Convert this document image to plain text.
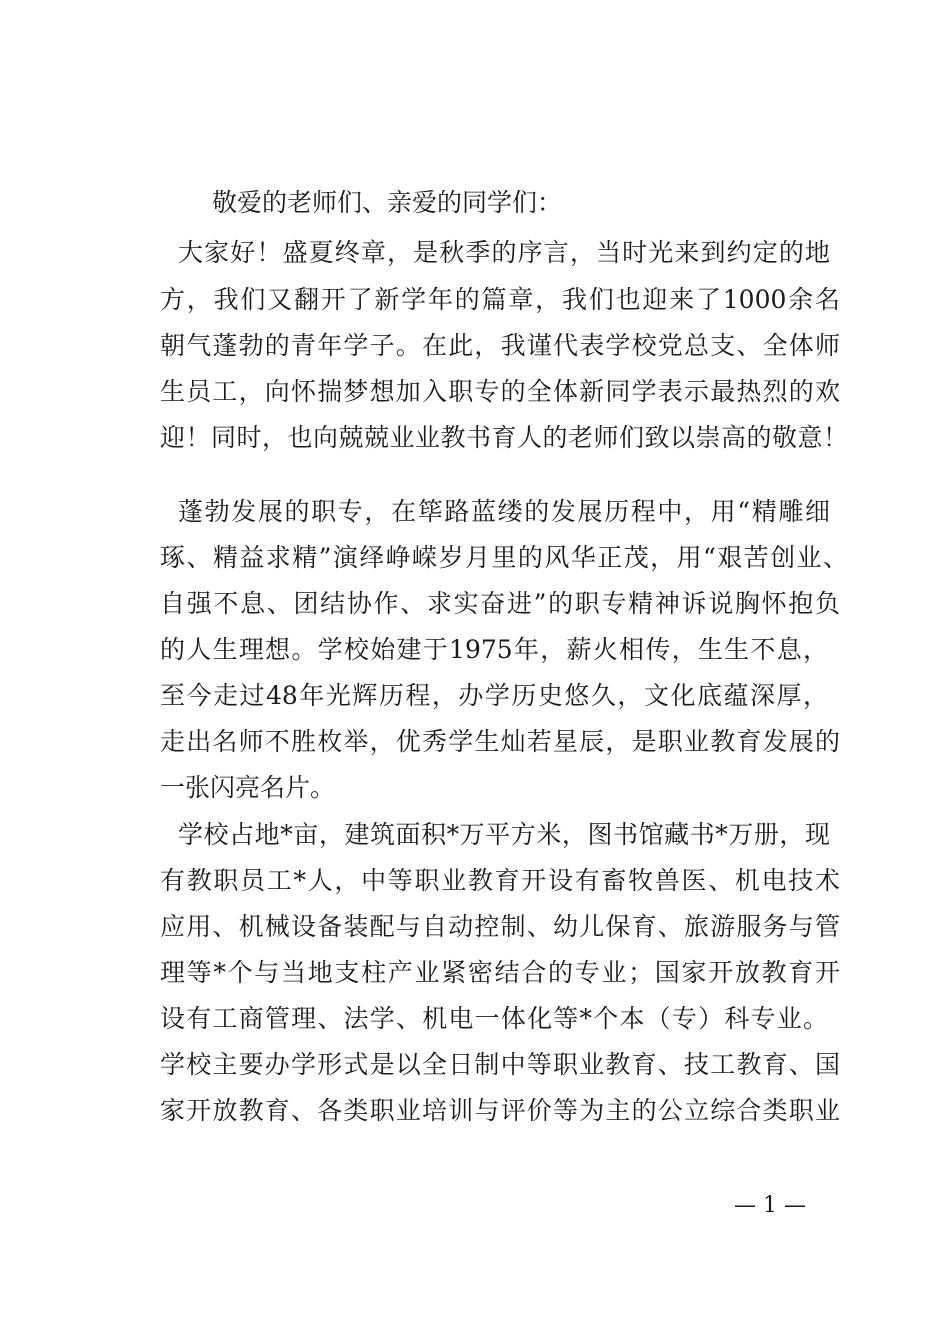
敬爱的老师们、亲爱的同学们：
大家好！盛夏终章，是秋季的序言，当时光来到约定的地
方，我们又翻开了新学年的篇章，我们也迎来了1000余名
朝气蓬勃的青年学子。在此，我谨代表学校党总支、全体师
生员工，向怀揣梦想加入职专的全体新同学表示最热烈的欢
迎！同时，也向兢兢业业教书育人的老师们致以崇高的敬意！
蓬勃发展的职专，在筚路蓝缕的发展历程中，用“精雕细
琢、精益求精”演绎峥嵘岁月里的风华正茂，用“艰苦创业、
自强不息、团结协作、求实奋进”的职专精神诉说胸怀抱负
的人生理想。学校始建于1975年，薪火相传，生生不息，
至今走过48年光辉历程，办学历史悠久，文化底蕴深厚，
走出名师不胜枚举，优秀学生灿若星辰，是职业教育发展的
一张闪亮名片。
学校占地*亩，建筑面积*万平方米，图书馆藏书*万册，现
有教职员工*人，中等职业教育开设有畜牧兽医、机电技术
应用、机械设备装配与自动控制、幼儿保育、旅游服务与管
理等*个与当地支柱产业紧密结合的专业；国家开放教育开
设有工商管理、法学、机电一体化等*个本（专）科专业。
学校主要办学形式是以全日制中等职业教育、技工教育、国
家开放教育、各类职业培训与评价等为主的公立综合类职业
— 1 —
